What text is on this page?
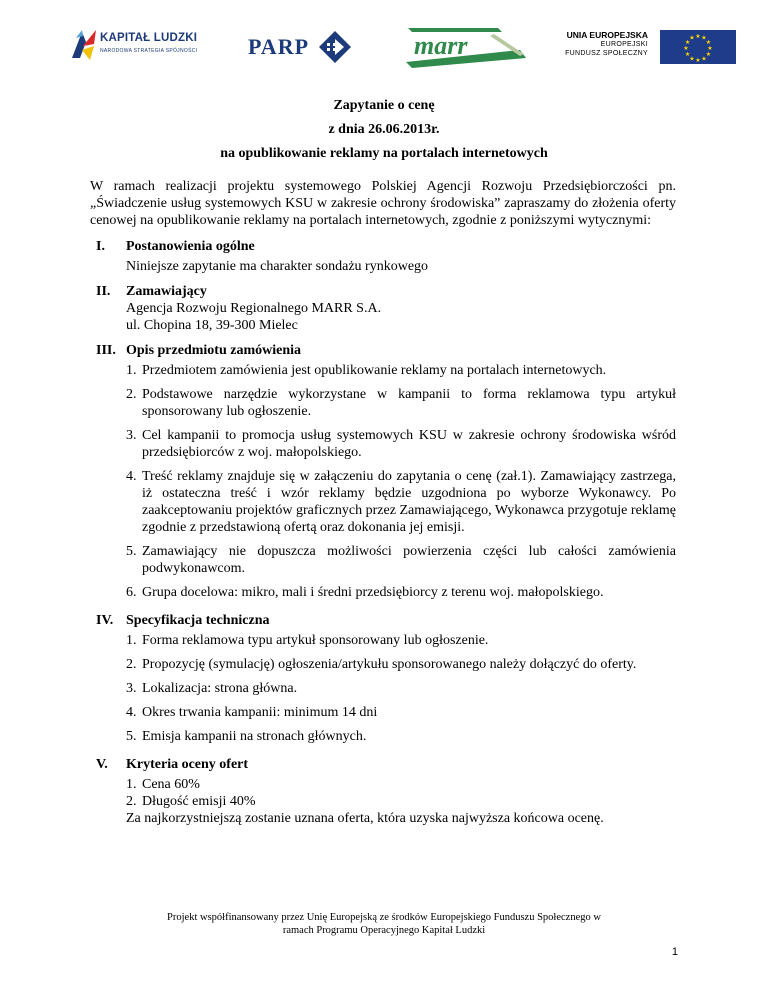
KAPITAŁ LUDZKI
NARODOWA STRATEGIA SPÓJNOŚCI PARP	marr	UNIA EUROPEJSKA
EUROPEJSKI
FUNDUSZ SPOŁECZNY
★ ★
★
★
★
★
★
★
★
★
★
★
Zapytanie o cenę
z dnia 26.06.2013r.
na opublikowanie reklamy na portalach internetowych

W ramach realizacji projektu systemowego Polskiej Agencji Rozwoju Przedsiębiorczości pn. „Świadczenie usług systemowych KSU w zakresie ochrony środowiska” zapraszamy do złożenia oferty cenowej na opublikowanie reklamy na portalach internetowych, zgodnie z poniższymi wytycznymi:

I.	Postanowienia ogólne

Niniejsze zapytanie ma charakter sondażu rynkowego

II.	Zamawiający
Agencja Rozwoju Regionalnego MARR S.A.
ul. Chopina 18, 39-300 Mielec
III. Opis przedmiotu zamówienia
1. Przedmiotem zamówienia jest opublikowanie reklamy na portalach internetowych.
2. Podstawowe narzędzie wykorzystane w kampanii to forma reklamowa typu artykuł sponsorowany lub ogłoszenie.
3. Cel kampanii to promocja usług systemowych KSU w zakresie ochrony środowiska wśród przedsiębiorców z woj. małopolskiego.
4. Treść reklamy znajduje się w załączeniu do zapytania o cenę (zał.1). Zamawiający zastrzega, iż ostateczna treść i wzór reklamy będzie uzgodniona po wyborze Wykonawcy. Po zaakceptowaniu projektów graficznych przez Zamawiającego, Wykonawca przygotuje reklamę zgodnie z przedstawioną ofertą oraz dokonania jej emisji.
5. Zamawiający nie dopuszcza możliwości powierzenia części lub całości zamówienia podwykonawcom.
6. Grupa docelowa: mikro, mali i średni przedsiębiorcy z terenu woj. małopolskiego.
IV. Specyfikacja techniczna
1. Forma reklamowa typu artykuł sponsorowany lub ogłoszenie.
2. Propozycję (symulację) ogłoszenia/artykułu sponsorowanego należy dołączyć do oferty.
3. Lokalizacja: strona główna.
4. Okres trwania kampanii: minimum 14 dni
5. Emisja kampanii na stronach głównych.
V.	Kryteria oceny ofert
1. Cena 60%
2. Długość emisji 40%
Za najkorzystniejszą zostanie uznana oferta, która uzyska najwyższa końcowa ocenę.
Projekt współfinansowany przez Unię Europejską ze środków Europejskiego Funduszu Społecznego w
ramach Programu Operacyjnego Kapitał Ludzki
1
